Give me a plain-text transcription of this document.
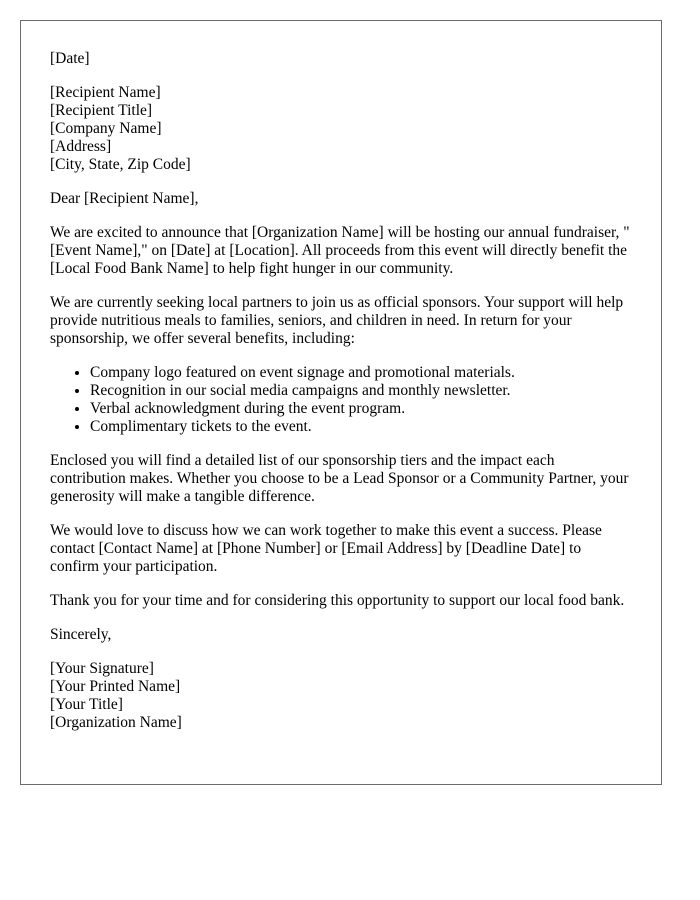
[Date]
[Recipient Name]
[Recipient Title]
[Company Name]
[Address]
[City, State, Zip Code]

Dear [Recipient Name],

We are excited to announce that [Organization Name] will be hosting our annual fundraiser, "[Event Name]," on [Date] at [Location]. All proceeds from this event will directly benefit the [Local Food Bank Name] to help fight hunger in our community.

We are currently seeking local partners to join us as official sponsors. Your support will help provide nutritious meals to families, seniors, and children in need. In return for your sponsorship, we offer several benefits, including:

• Company logo featured on event signage and promotional materials.
• Recognition in our social media campaigns and monthly newsletter.
• Verbal acknowledgment during the event program.
• Complimentary tickets to the event.

Enclosed you will find a detailed list of our sponsorship tiers and the impact each contribution makes. Whether you choose to be a Lead Sponsor or a Community Partner, your generosity will make a tangible difference.

We would love to discuss how we can work together to make this event a success. Please contact [Contact Name] at [Phone Number] or [Email Address] by [Deadline Date] to confirm your participation.

Thank you for your time and for considering this opportunity to support our local food bank.

Sincerely,

[Your Signature]
[Your Printed Name]
[Your Title]
[Organization Name]
